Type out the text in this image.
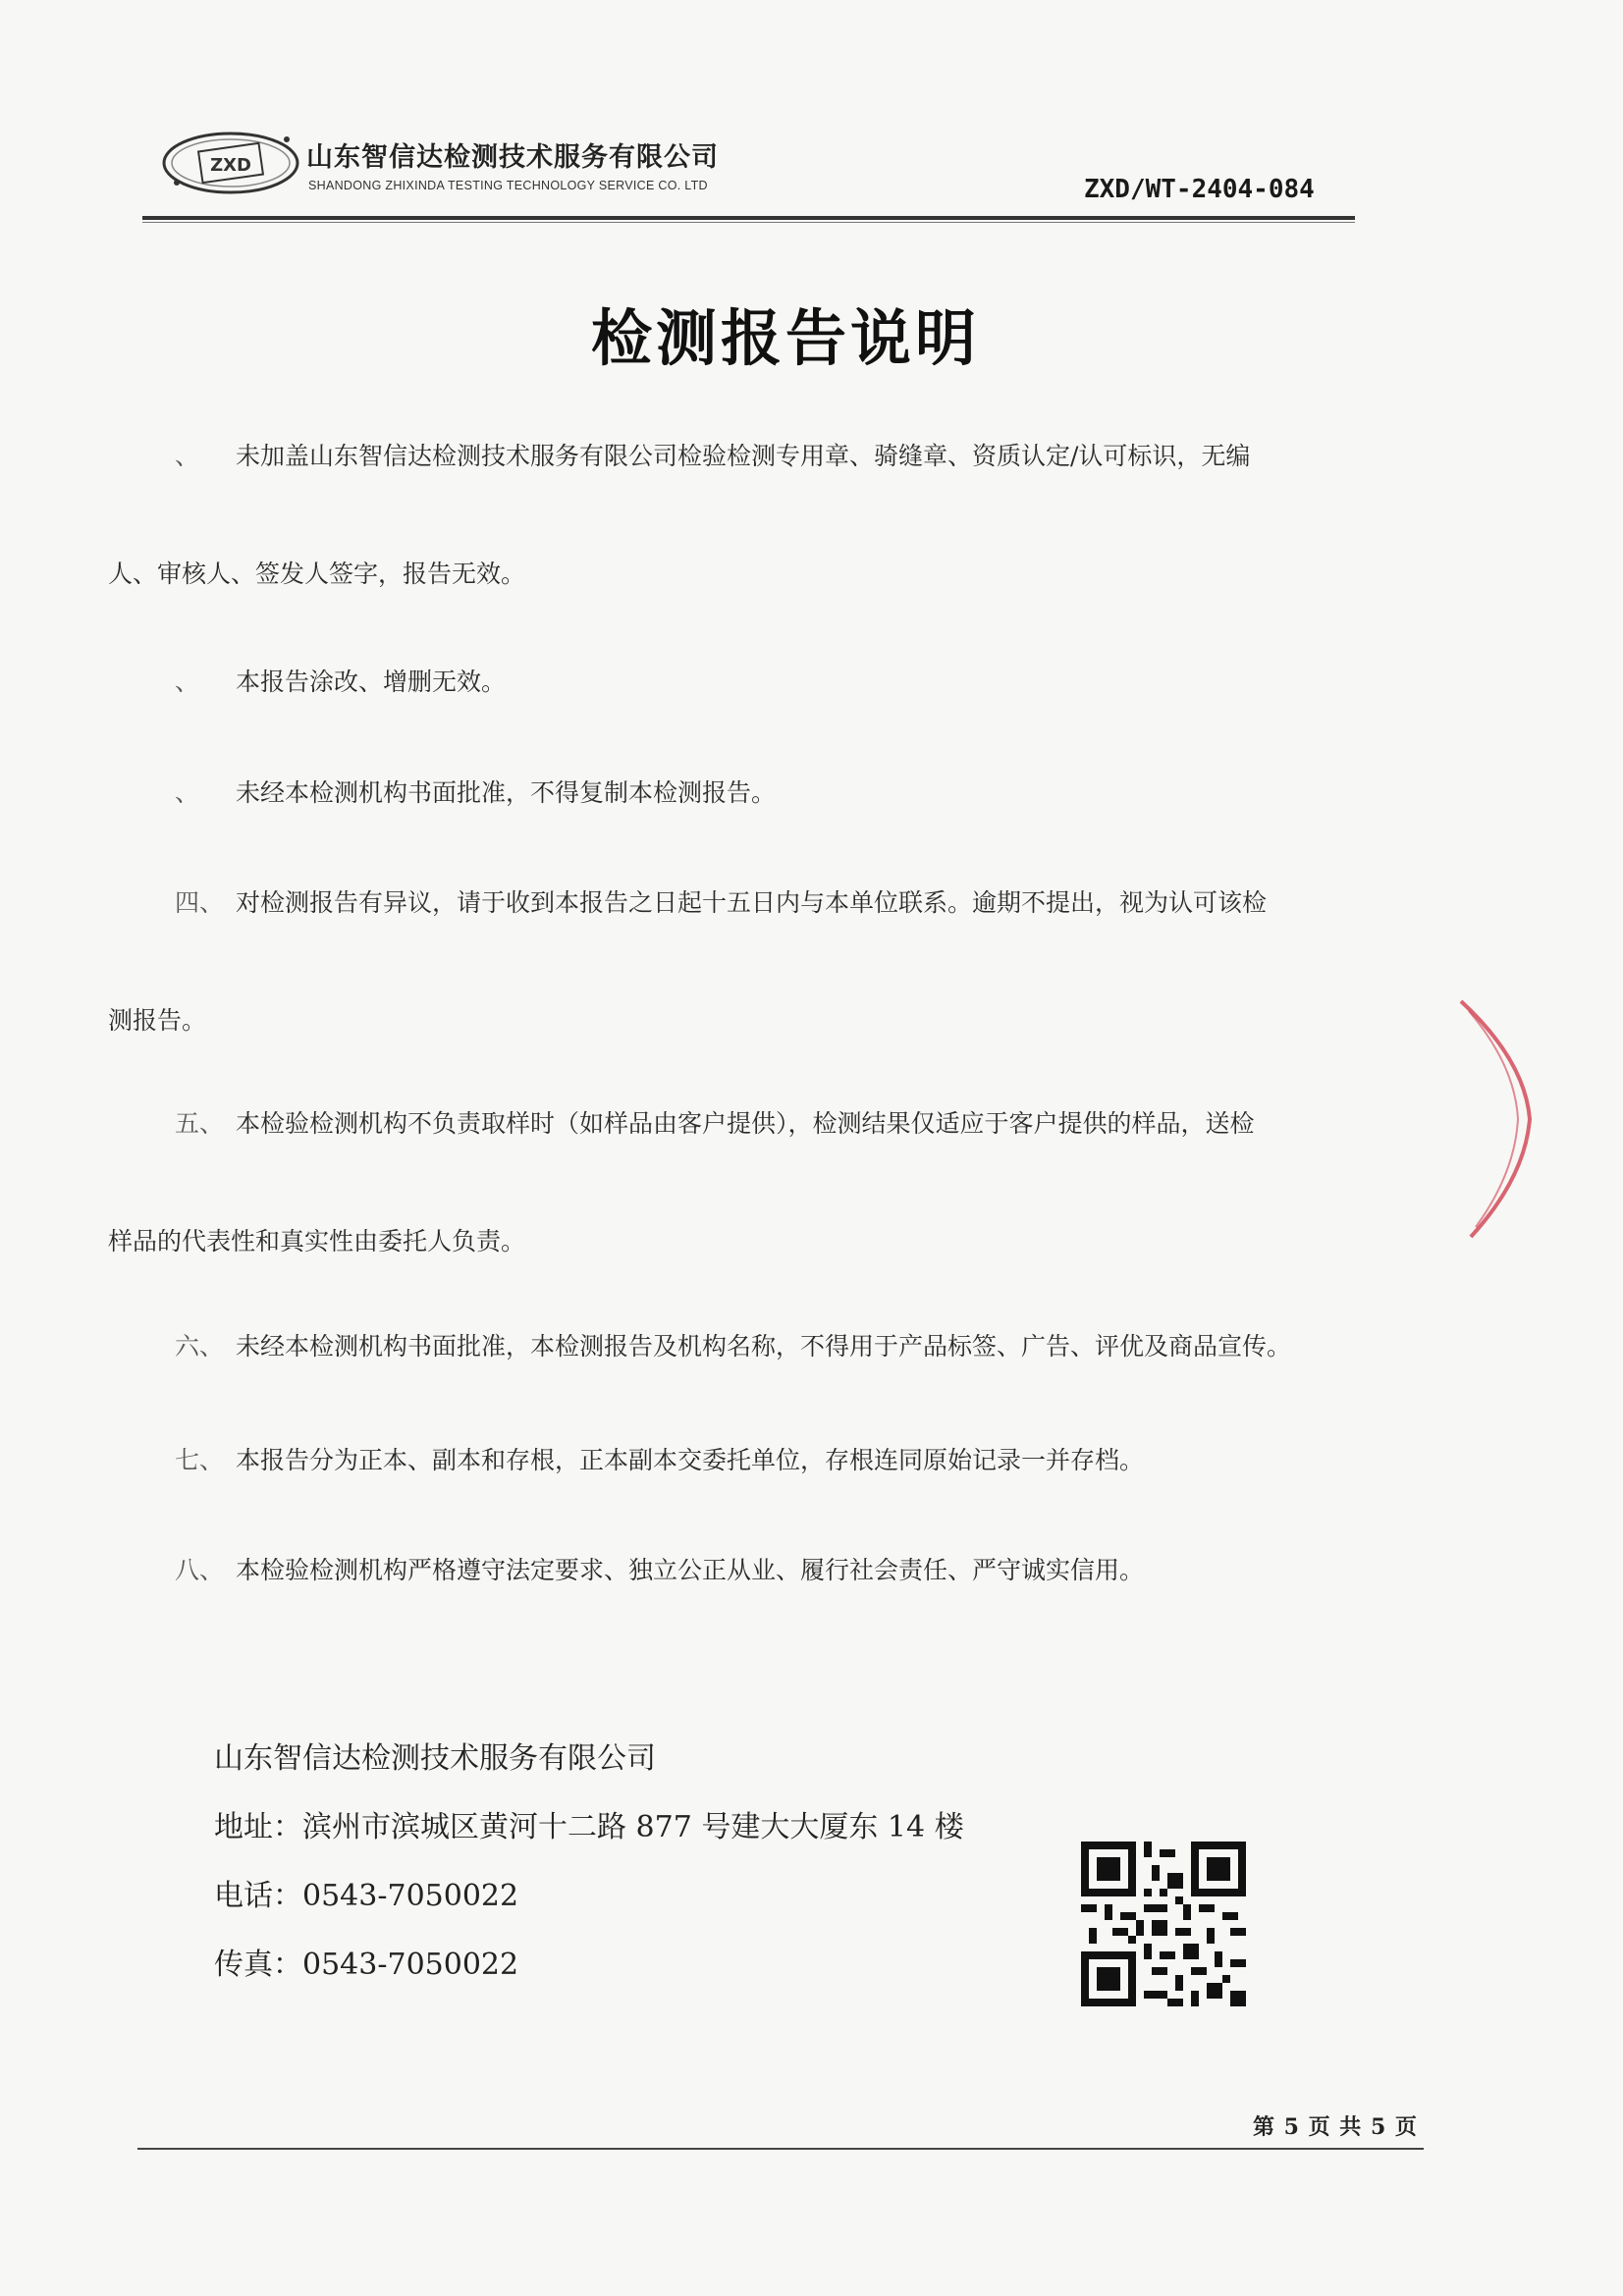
ZXD 山东智信达检测技术服务有限公司
SHANDONG ZHIXINDA TESTING TECHNOLOGY SERVICE CO. LTD	ZXD/WT-2404-084
检测报告说明
、 未加盖山东智信达检测技术服务有限公司检验检测专用章、骑缝章、资质认定/认可标识，无编
人、审核人、签发人签字，报告无效。
、 本报告涂改、增删无效。
、 未经本检测机构书面批准，不得复制本检测报告。
四、 对检测报告有异议，请于收到本报告之日起十五日内与本单位联系。逾期不提出，视为认可该检
测报告。
五、 本检验检测机构不负责取样时（如样品由客户提供），检测结果仅适应于客户提供的样品，送检
样品的代表性和真实性由委托人负责。
六、 未经本检测机构书面批准，本检测报告及机构名称，不得用于产品标签、广告、评优及商品宣传。
七、 本报告分为正本、副本和存根，正本副本交委托单位，存根连同原始记录一并存档。
八、 本检验检测机构严格遵守法定要求、独立公正从业、履行社会责任、严守诚实信用。
山东智信达检测技术服务有限公司
地址：滨州市滨城区黄河十二路 877 号建大大厦东 14 楼
电话：0543-7050022
传真：0543-7050022
第 5 页 共 5 页
